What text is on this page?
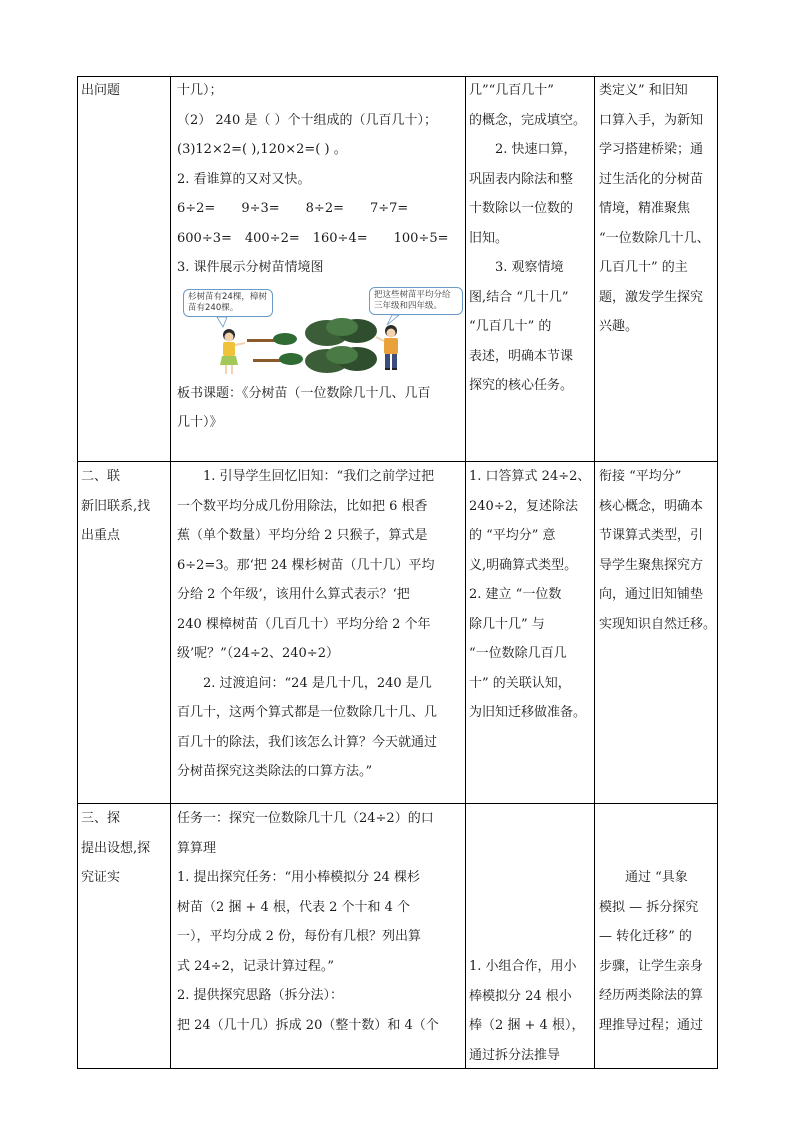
出问题	十几）；

（2） 240 是（ ）个十组成的（几百几十）；

(3)12×2=( ),120×2=( ) 。

2. 看谁算的又对又快。

6÷2=　　9÷3=　　8÷2=　　7÷7=

600÷3=　400÷2=　160÷4=　　100÷5=

3. 课件展示分树苗情境图

杉树苗有24棵，樟树苗有240棵。

把这些树苗平均分给三年级和四年级。

板书课题：《分树苗（一位数除几十几、几百

几十）》

几”“几百几十”

的概念，完成填空。

2. 快速口算，

巩固表内除法和整

十数除以一位数的

旧知。

3. 观察情境

图,结合 “几十几”

“几百几十” 的

表述，明确本节课

探究的核心任务。

类定义” 和旧知

口算入手，为新知

学习搭建桥梁；通

过生活化的分树苗

情境，精准聚焦

“一位数除几十几、

几百几十” 的主

题，激发学生探究

兴趣。

二、联

新旧联系,找

出重点

1. 引导学生回忆旧知：“我们之前学过把

一个数平均分成几份用除法，比如把 6 根香

蕉（单个数量）平均分给 2 只猴子，算式是

6÷2=3。那‘把 24 棵杉树苗（几十几）平均

分给 2 个年级’，该用什么算式表示？‘把

240 棵樟树苗（几百几十）平均分给 2 个年

级’呢？”（24÷2、240÷2）

2. 过渡追问：“24 是几十几，240 是几

百几十，这两个算式都是一位数除几十几、几

百几十的除法，我们该怎么计算？今天就通过

分树苗探究这类除法的口算方法。”

1. 口答算式 24÷2、

240÷2，复述除法

的 “平均分” 意

义,明确算式类型。

2. 建立 “一位数

除几十几” 与

“一位数除几百几

十” 的关联认知，

为旧知迁移做准备。

衔接 “平均分”

核心概念，明确本

节课算式类型，引

导学生聚焦探究方

向，通过旧知铺垫

实现知识自然迁移。

三、探

提出设想,探

究证实

任务一：探究一位数除几十几（24÷2）的口

算算理

1. 提出探究任务：“用小棒模拟分 24 棵杉

树苗（2 捆 + 4 根，代表 2 个十和 4 个

一），平均分成 2 份，每份有几根？列出算

式 24÷2，记录计算过程。”

2. 提供探究思路（拆分法）：

把 24（几十几）拆成 20（整十数）和 4（个

1. 小组合作，用小

棒模拟分 24 根小

棒（2 捆 + 4 根），

通过拆分法推导

通过 “具象

模拟 — 拆分探究

— 转化迁移” 的

步骤，让学生亲身

经历两类除法的算

理推导过程；通过
